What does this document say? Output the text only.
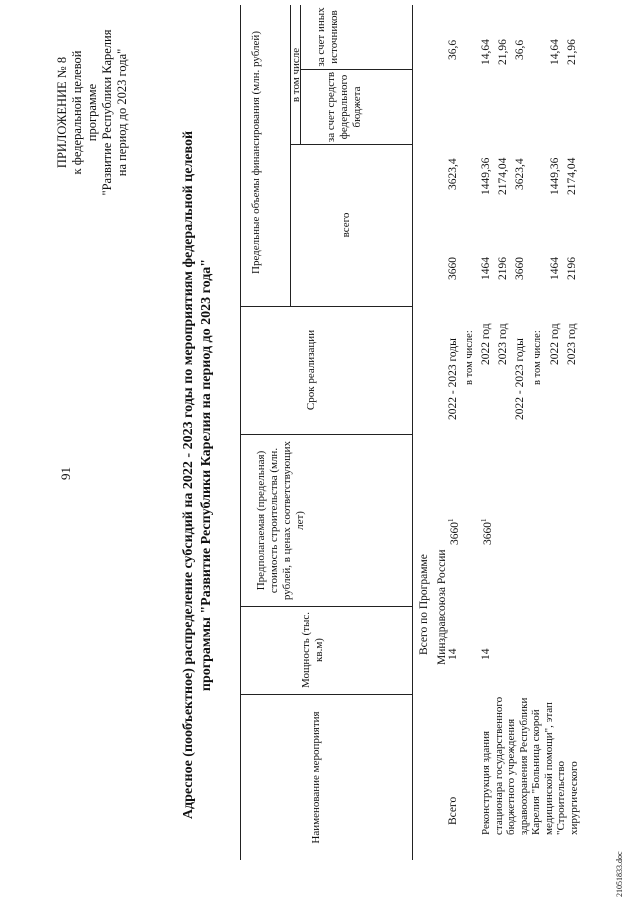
91
ПРИЛОЖЕНИЕ № 8 к федеральной целевой программе "Развитие Республики Карелия на период до 2023 года"
Адресное (пообъектное) распределение субсидий на 2022 - 2023 годы по мероприятиям федеральной целевой программы "Развитие Республики Карелия на период до 2023 года"
Наименование мероприятия
Мощность (тыс. кв.м)
Предполагаемая (предельная) стоимость строительства (млн. рублей, в ценах соответствующих лет)
Срок реализации
Предельные объемы финансирования (млн. рублей)	всего
в том числе за счет средств федерального бюджета
за счет иных источников
Всего по Программе Минздравсоюза России
Всего
14
3660$^1$
2022 - 2023 годы
3660
3623,4
36,6
в том числе: 2022 год
1464
1449,36
14,64
2023 год
2196
2174,04
21,96
Реконструкция здания стационара государственного бюджетного учреждения здравоохранения Республики Карелия "Больница скорой медицинской помощи", этап "Строительство хирургического
14
3660$^1$
2022 - 2023 годы
3660
3623,4
36,6
в том числе: 2022 год
1464
1449,36
14,64
2023 год
2196
2174,04
21,96
21051833.doc
